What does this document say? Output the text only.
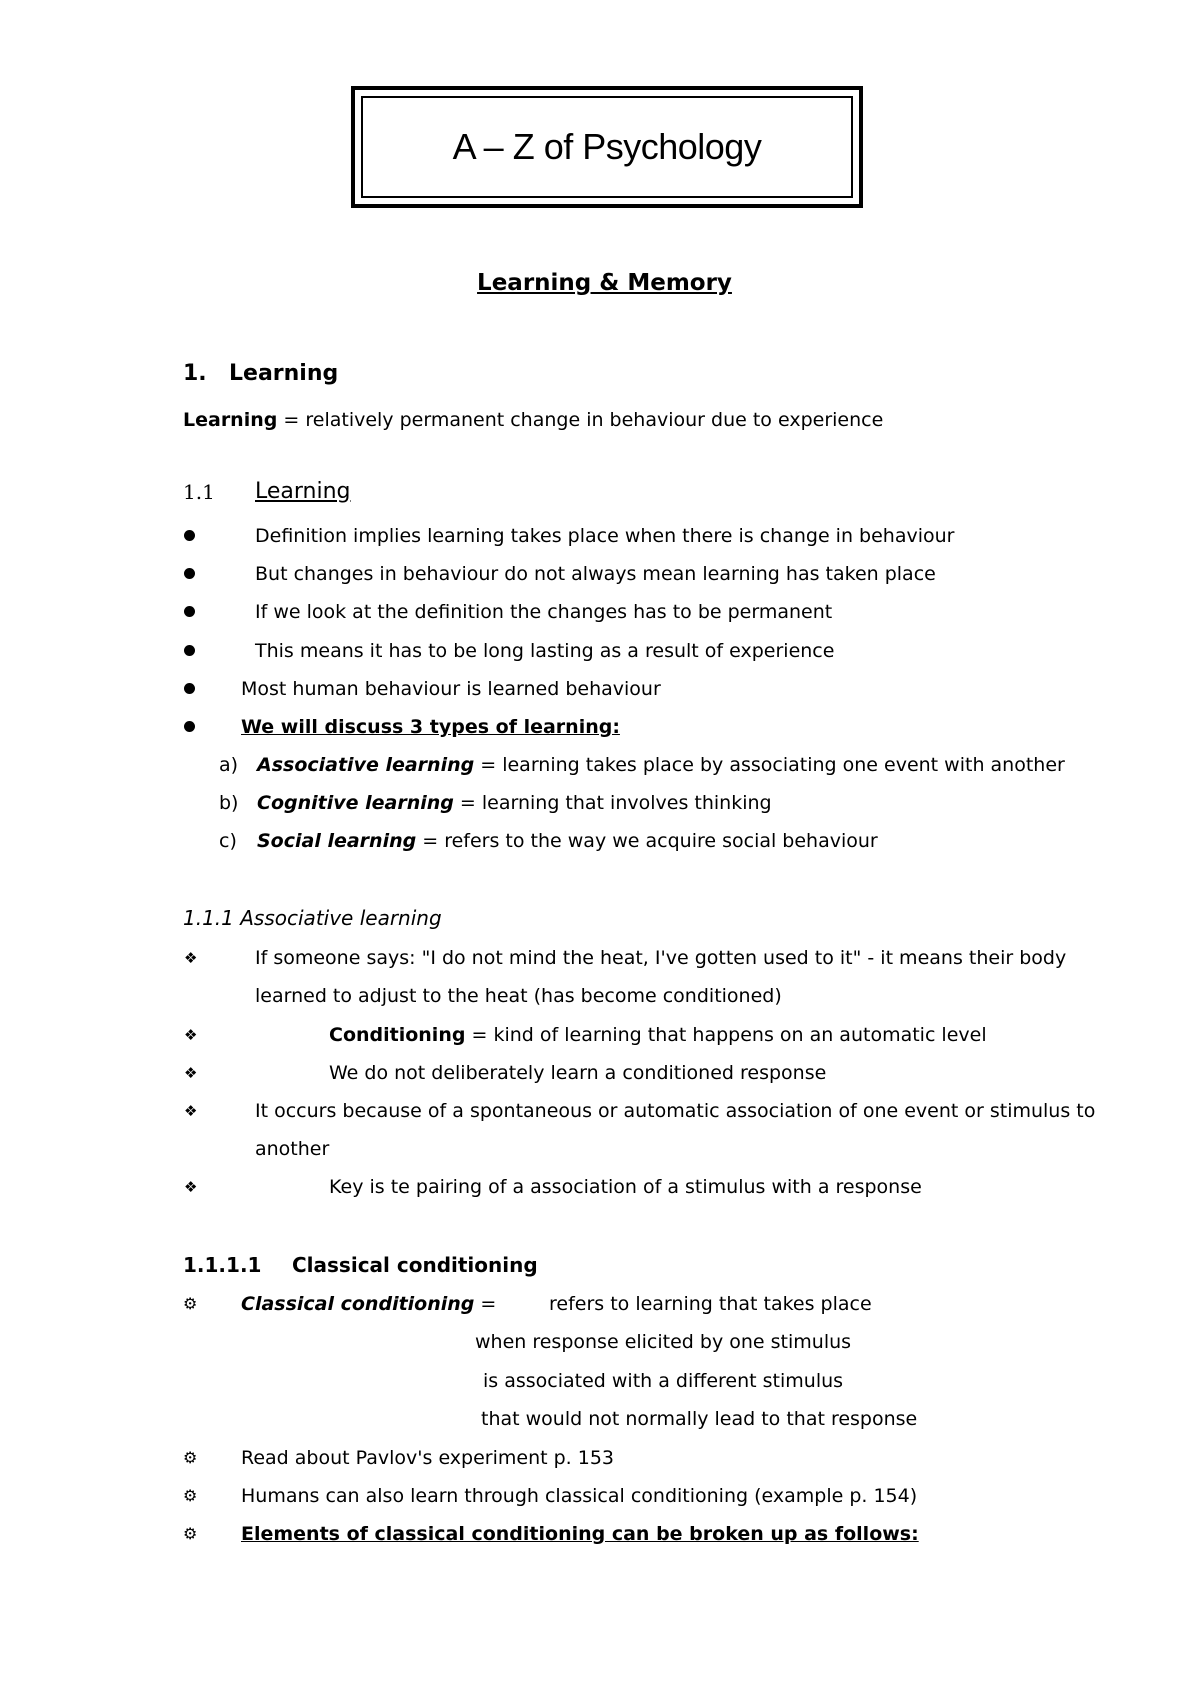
A – Z of Psychology
Learning & Memory
1. Learning
Learning = relatively permanent change in behaviour due to experience
1.1 Learning
Definition implies learning takes place when there is change in behaviour
But changes in behaviour do not always mean learning has taken place
If we look at the definition the changes has to be permanent
This means it has to be long lasting as a result of experience
Most human behaviour is learned behaviour
We will discuss 3 types of learning:
a) Associative learning = learning takes place by associating one event with another
b) Cognitive learning = learning that involves thinking
c) Social learning = refers to the way we acquire social behaviour
1.1.1 Associative learning
❖	If someone says: "I do not mind the heat, I've gotten used to it" - it means their body
learned to adjust to the heat (has become conditioned)
❖	Conditioning = kind of learning that happens on an automatic level
❖	We do not deliberately learn a conditioned response
❖	It occurs because of a spontaneous or automatic association of one event or stimulus to
another
❖	Key is te pairing of a association of a stimulus with a response
1.1.1.1 Classical conditioning
⚙ Classical conditioning =	refers to learning that takes place
when response elicited by one stimulus
is associated with a different stimulus
that would not normally lead to that response
⚙ Read about Pavlov's experiment p. 153
⚙ Humans can also learn through classical conditioning (example p. 154)
⚙ Elements of classical conditioning can be broken up as follows:
